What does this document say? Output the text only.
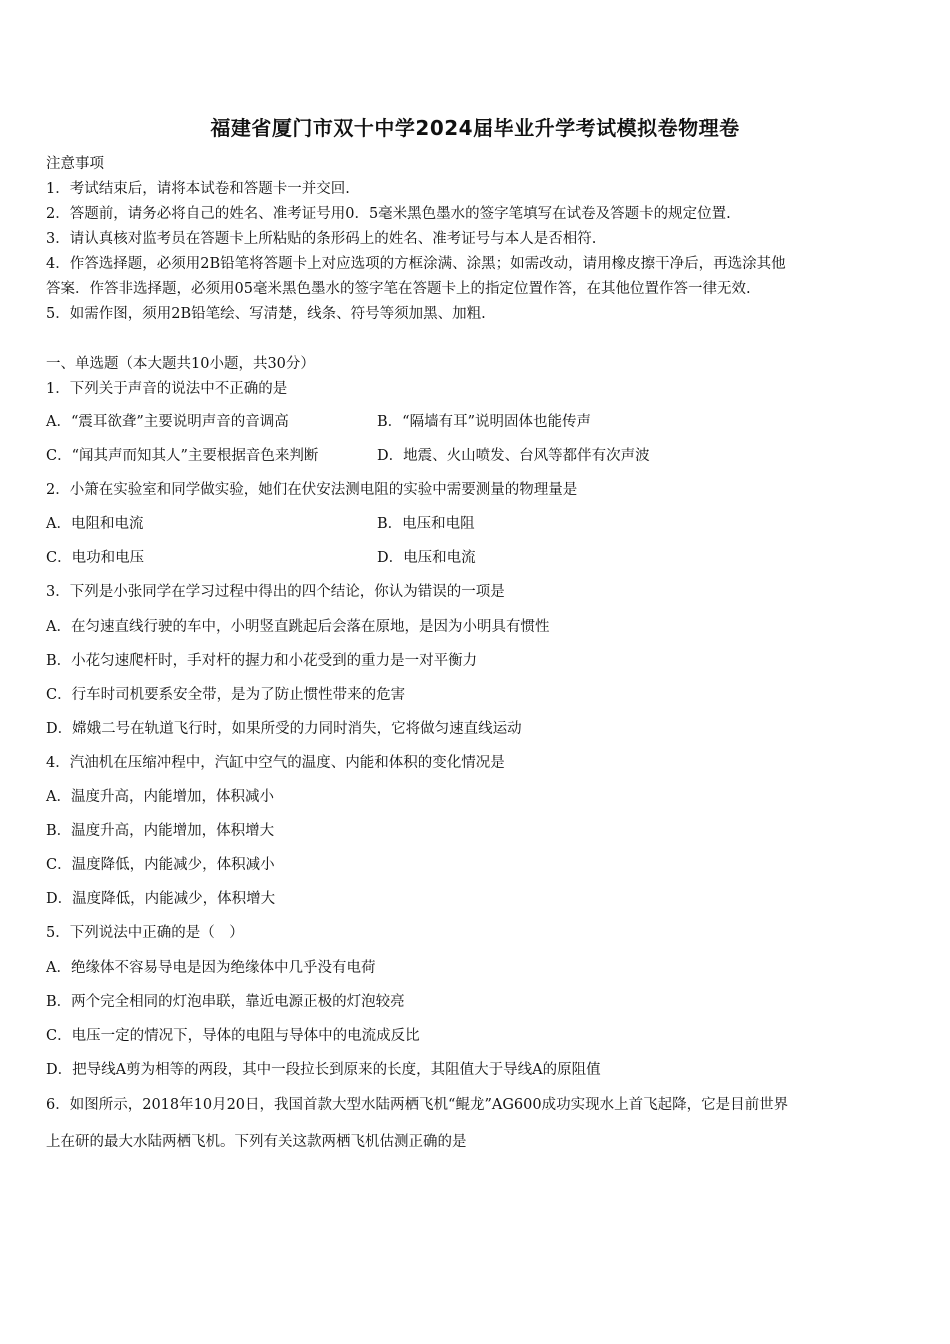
福建省厦门市双十中学2024届毕业升学考试模拟卷物理卷
注意事项
1．考试结束后，请将本试卷和答题卡一并交回.
2．答题前，请务必将自己的姓名、准考证号用0．5毫米黑色墨水的签字笔填写在试卷及答题卡的规定位置.
3．请认真核对监考员在答题卡上所粘贴的条形码上的姓名、准考证号与本人是否相符.
4．作答选择题，必须用2B铅笔将答题卡上对应选项的方框涂满、涂黑；如需改动，请用橡皮擦干净后，再选涂其他
答案．作答非选择题，必须用05毫米黑色墨水的签字笔在答题卡上的指定位置作答，在其他位置作答一律无效.
5．如需作图，须用2B铅笔绘、写清楚，线条、符号等须加黑、加粗.
一、单选题（本大题共10小题，共30分）
1．下列关于声音的说法中不正确的是
A．“震耳欲聋”主要说明声音的音调高	B．“隔墙有耳”说明固体也能传声
C．“闻其声而知其人”主要根据音色来判断	D．地震、火山喷发、台风等都伴有次声波
2．小箫在实验室和同学做实验，她们在伏安法测电阻的实验中需要测量的物理量是
A．电阻和电流	B．电压和电阻
C．电功和电压	D．电压和电流
3．下列是小张同学在学习过程中得出的四个结论，你认为错误的一项是
A．在匀速直线行驶的车中，小明竖直跳起后会落在原地，是因为小明具有惯性
B．小花匀速爬杆时，手对杆的握力和小花受到的重力是一对平衡力
C．行车时司机要系安全带，是为了防止惯性带来的危害
D．嫦娥二号在轨道飞行时，如果所受的力同时消失，它将做匀速直线运动
4．汽油机在压缩冲程中，汽缸中空气的温度、内能和体积的变化情况是
A．温度升高，内能增加，体积减小
B．温度升高，内能增加，体积增大
C．温度降低，内能减少，体积减小
D．温度降低，内能减少，体积增大
5．下列说法中正确的是（　）
A．绝缘体不容易导电是因为绝缘体中几乎没有电荷
B．两个完全相同的灯泡串联，靠近电源正极的灯泡较亮
C．电压一定的情况下，导体的电阻与导体中的电流成反比
D．把导线A剪为相等的两段，其中一段拉长到原来的长度，其阻值大于导线A的原阻值
6．如图所示，2018年10月20日，我国首款大型水陆两栖飞机“鲲龙”AG600成功实现水上首飞起降，它是目前世界
上在研的最大水陆两栖飞机。下列有关这款两栖飞机估测正确的是
